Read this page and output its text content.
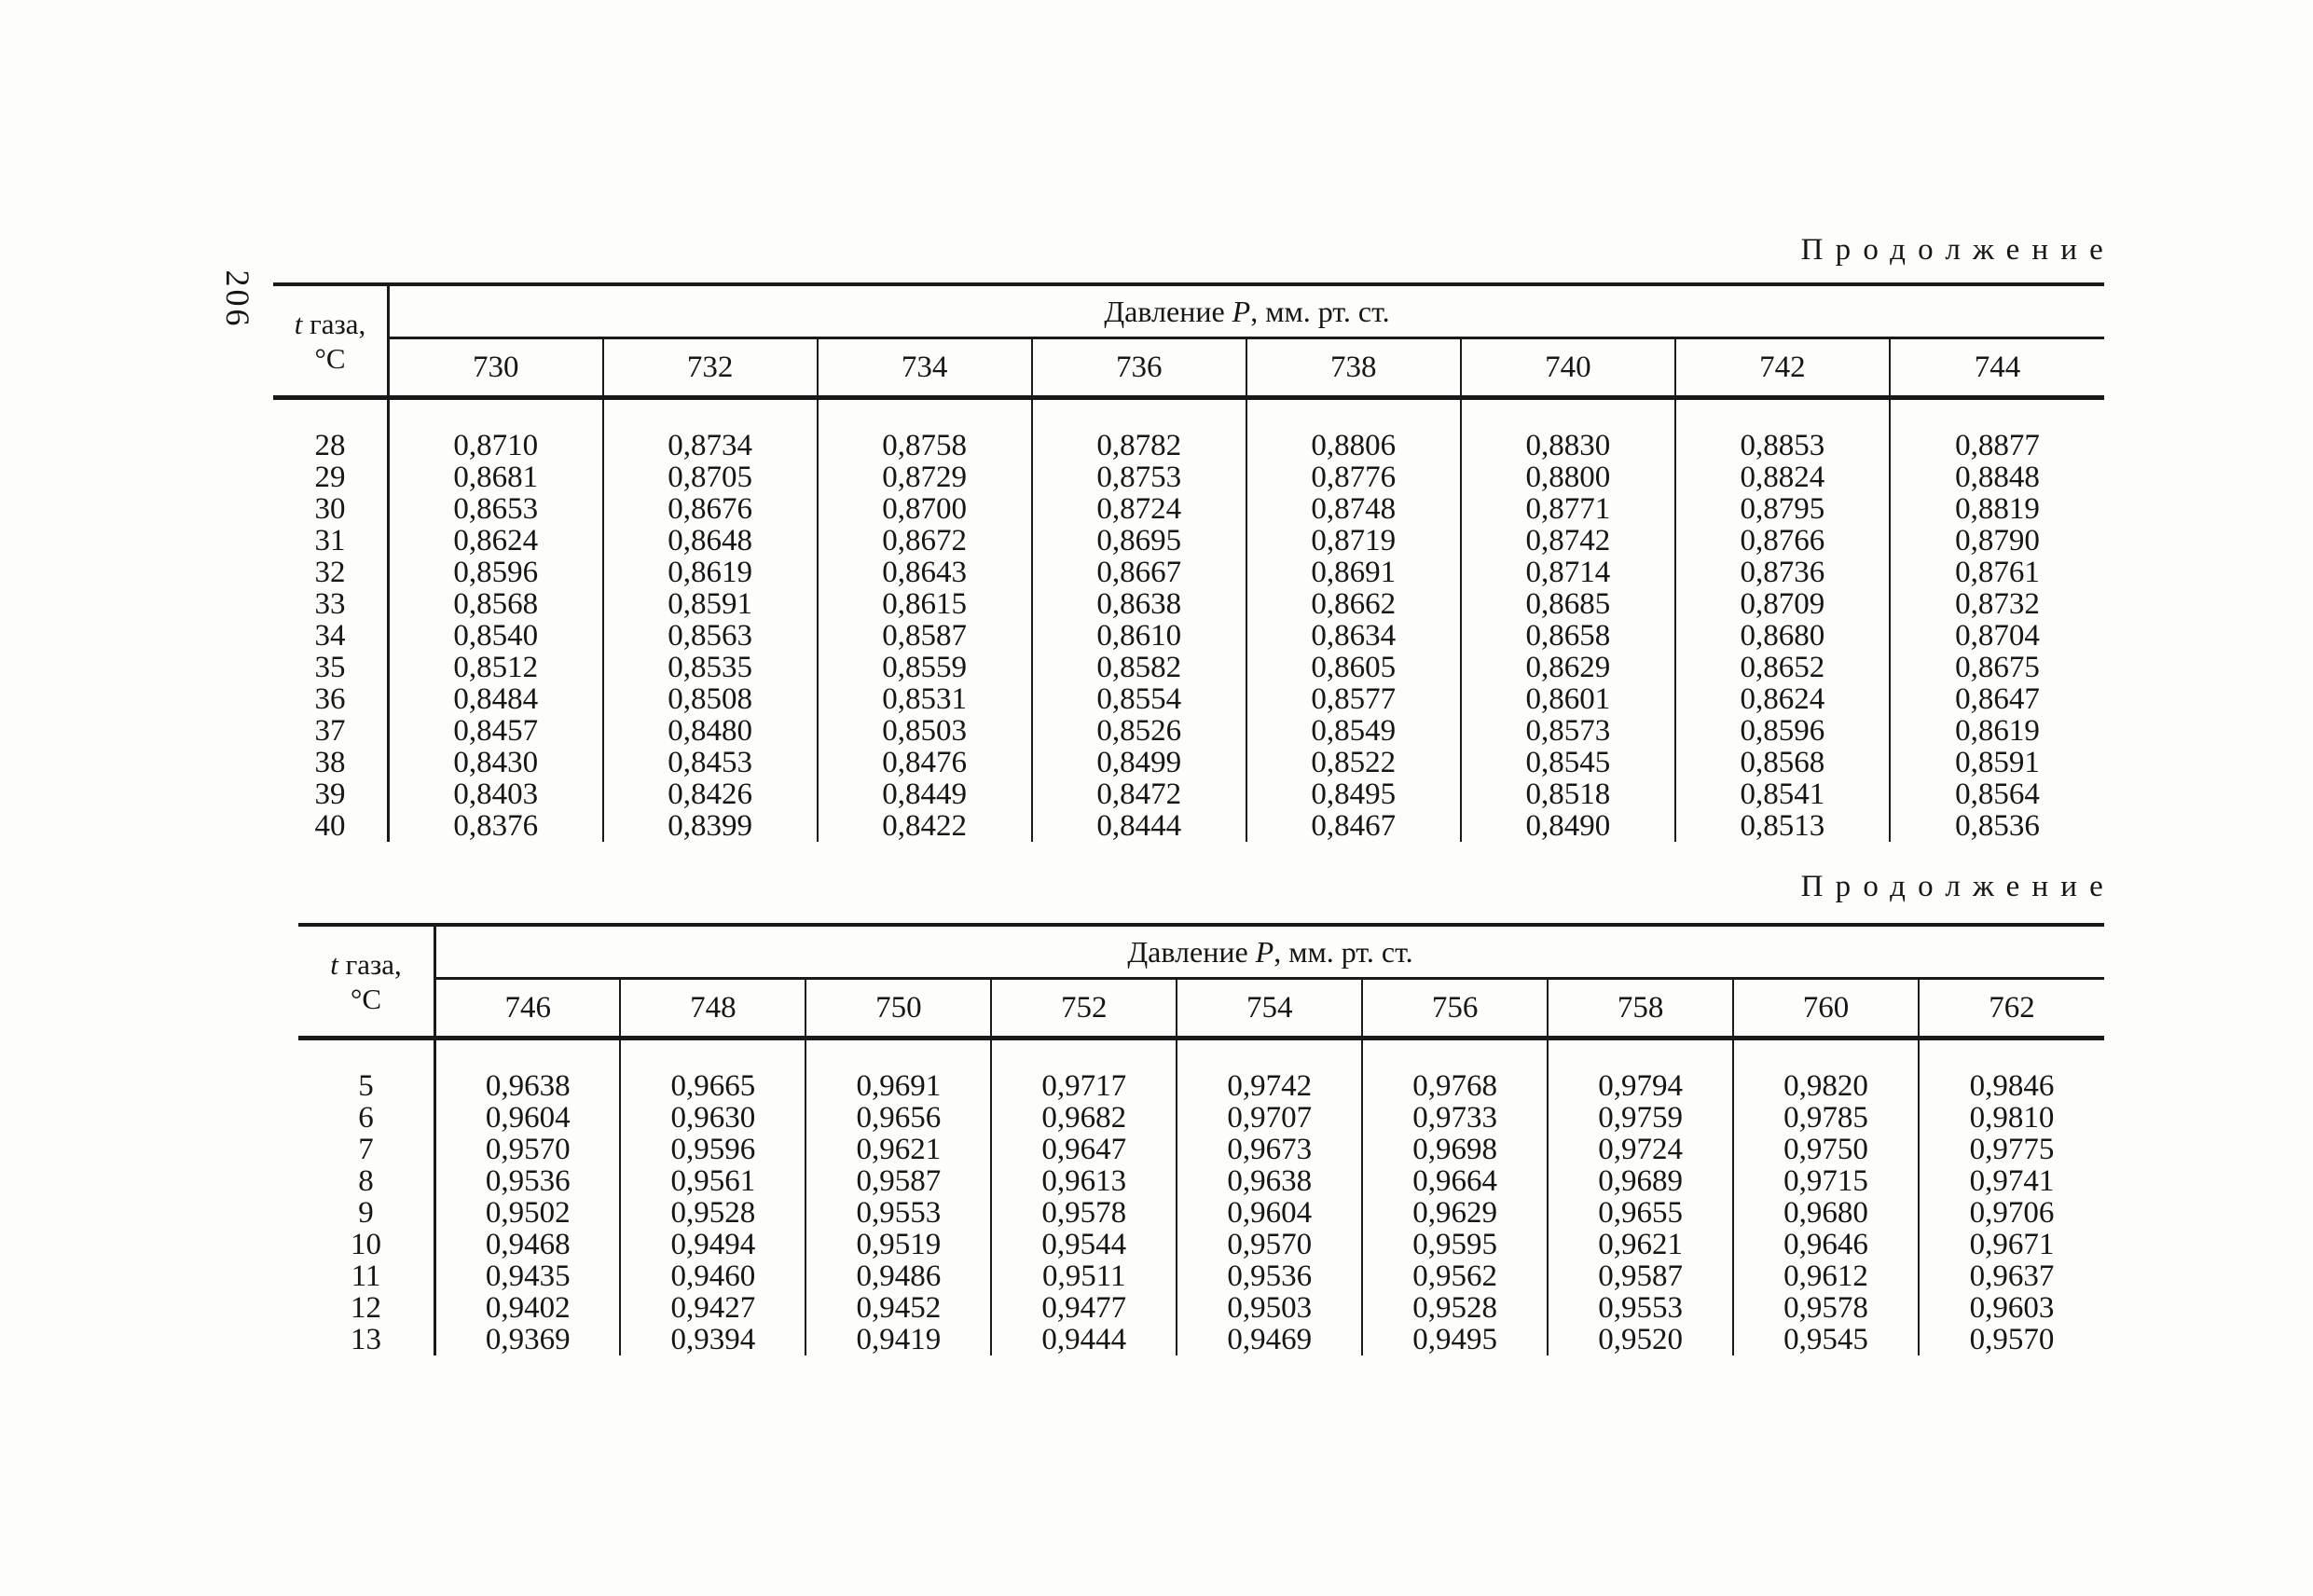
206
Продолжение
t газа,
°C	Давление P, мм. рт. ст.							
	730	732	734	736	738	740	742	744
28	0,8710	0,8734	0,8758	0,8782	0,8806	0,8830	0,8853	0,8877
29	0,8681	0,8705	0,8729	0,8753	0,8776	0,8800	0,8824	0,8848
30	0,8653	0,8676	0,8700	0,8724	0,8748	0,8771	0,8795	0,8819
31	0,8624	0,8648	0,8672	0,8695	0,8719	0,8742	0,8766	0,8790
32	0,8596	0,8619	0,8643	0,8667	0,8691	0,8714	0,8736	0,8761
33	0,8568	0,8591	0,8615	0,8638	0,8662	0,8685	0,8709	0,8732
34	0,8540	0,8563	0,8587	0,8610	0,8634	0,8658	0,8680	0,8704
35	0,8512	0,8535	0,8559	0,8582	0,8605	0,8629	0,8652	0,8675
36	0,8484	0,8508	0,8531	0,8554	0,8577	0,8601	0,8624	0,8647
37	0,8457	0,8480	0,8503	0,8526	0,8549	0,8573	0,8596	0,8619
38	0,8430	0,8453	0,8476	0,8499	0,8522	0,8545	0,8568	0,8591
39	0,8403	0,8426	0,8449	0,8472	0,8495	0,8518	0,8541	0,8564
40	0,8376	0,8399	0,8422	0,8444	0,8467	0,8490	0,8513	0,8536
Продолжение
t газа,
°C	Давление P, мм. рт. ст.								
	746	748	750	752	754	756	758	760	762
5	0,9638	0,9665	0,9691	0,9717	0,9742	0,9768	0,9794	0,9820	0,9846
6	0,9604	0,9630	0,9656	0,9682	0,9707	0,9733	0,9759	0,9785	0,9810
7	0,9570	0,9596	0,9621	0,9647	0,9673	0,9698	0,9724	0,9750	0,9775
8	0,9536	0,9561	0,9587	0,9613	0,9638	0,9664	0,9689	0,9715	0,9741
9	0,9502	0,9528	0,9553	0,9578	0,9604	0,9629	0,9655	0,9680	0,9706
10	0,9468	0,9494	0,9519	0,9544	0,9570	0,9595	0,9621	0,9646	0,9671
11	0,9435	0,9460	0,9486	0,9511	0,9536	0,9562	0,9587	0,9612	0,9637
12	0,9402	0,9427	0,9452	0,9477	0,9503	0,9528	0,9553	0,9578	0,9603
13	0,9369	0,9394	0,9419	0,9444	0,9469	0,9495	0,9520	0,9545	0,9570
